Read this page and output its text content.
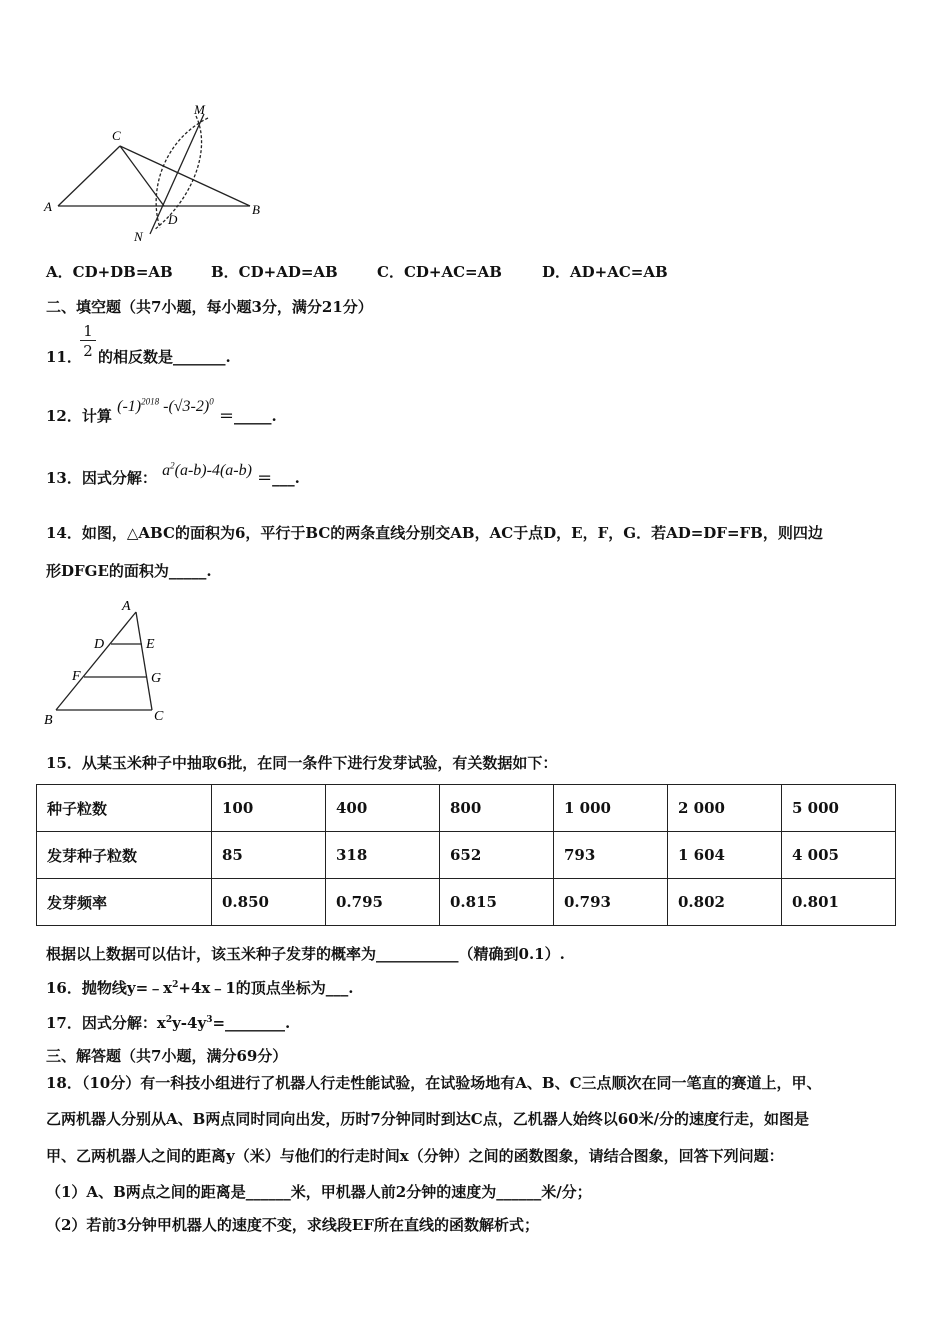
C
M
A
D
B
N
A．CD+DB=AB	B．CD+AD=AB	C．CD+AC=AB	D．AD+AC=AB
二、填空题（共7小题，每小题3分，满分21分）
11．
$\frac{1}{2}$ 的相反数是_______.
12．计算 (‑1)$^{2018}$ ‑(√3‑2)$^0$ ＝_____.
13．因式分解： $a^2(a‑b)‑4(a‑b)$ ＝___.
14．如图，△ABC的面积为6，平行于BC的两条直线分别交AB，AC于点D，E，F，G．若AD=DF=FB，则四边
形DFGE的面积为_____.
A
D	E
F	G
B	C
15．从某玉米种子中抽取6批，在同一条件下进行发芽试验，有关数据如下：
种子粒数	100	400	800	1 000	2 000	5 000
发芽种子粒数	85	318	652	793	1 604	4 005
发芽频率	0.850	0.795	0.815	0.793	0.802	0.801
根据以上数据可以估计，该玉米种子发芽的概率为___________（精确到0.1）.
16．抛物线$y=﹣x^2+4x﹣1$的顶点坐标为___.
17．因式分解：$x^2y-4y^3=\_\_\_\_\_\_\_\_$.
三、解答题（共7小题，满分69分）
18．（10分）有一科技小组进行了机器人行走性能试验，在试验场地有A、B、C三点顺次在同一笔直的赛道上，甲、
乙两机器人分别从A、B两点同时同向出发，历时7分钟同时到达C点，乙机器人始终以60米/分的速度行走，如图是
甲、乙两机器人之间的距离y（米）与他们的行走时间x（分钟）之间的函数图象，请结合图象，回答下列问题：
（1）A、B两点之间的距离是______米，甲机器人前2分钟的速度为______米/分；
（2）若前3分钟甲机器人的速度不变，求线段EF所在直线的函数解析式；
